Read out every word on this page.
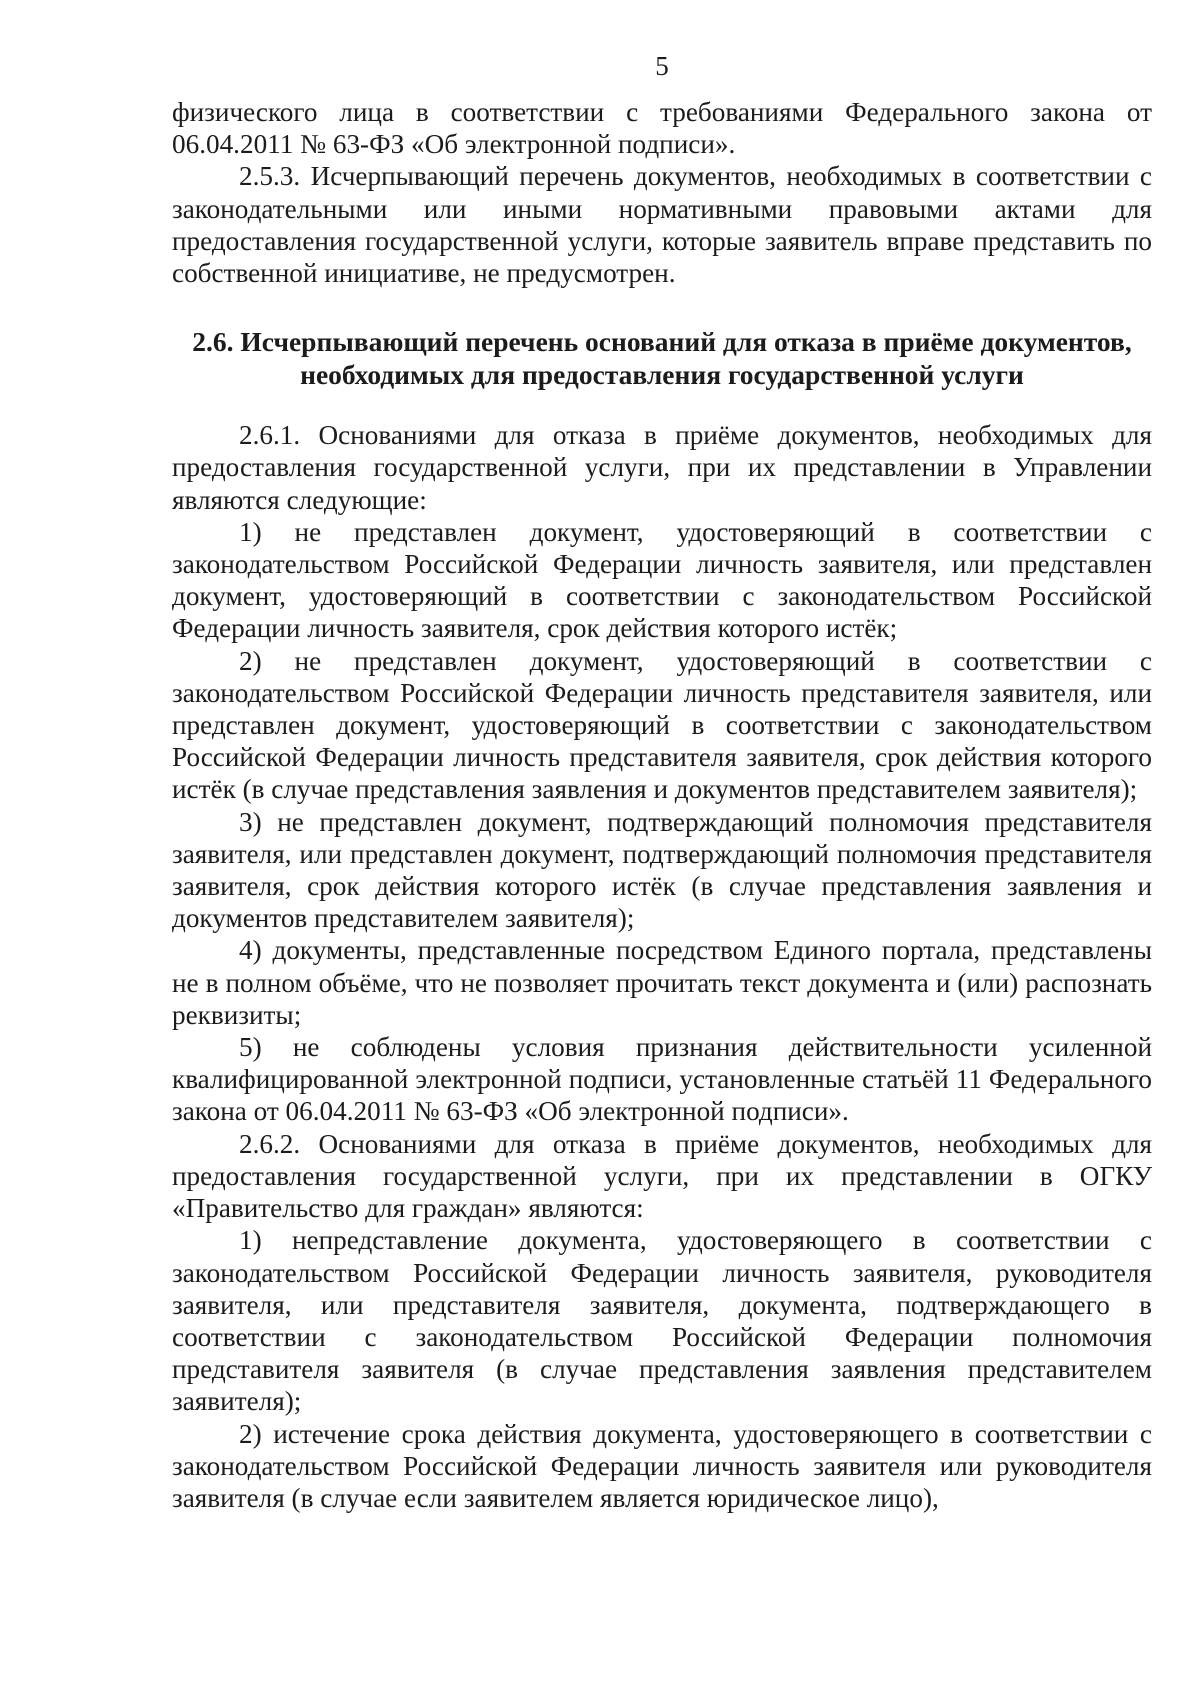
5

физического лица в соответствии с требованиями Федерального закона от 06.04.2011 № 63-ФЗ «Об электронной подписи».

2.5.3. Исчерпывающий перечень документов, необходимых в соответствии с законодательными или иными нормативными правовыми актами для предоставления государственной услуги, которые заявитель вправе представить по собственной инициативе, не предусмотрен.

2.6. Исчерпывающий перечень оснований для отказа в приёме документов, необходимых для предоставления государственной услуги

2.6.1. Основаниями для отказа в приёме документов, необходимых для предоставления государственной услуги, при их представлении в Управлении являются следующие:

1) не представлен документ, удостоверяющий в соответствии с законодательством Российской Федерации личность заявителя, или представлен документ, удостоверяющий в соответствии с законодательством Российской Федерации личность заявителя, срок действия которого истёк;

2) не представлен документ, удостоверяющий в соответствии с законодательством Российской Федерации личность представителя заявителя, или представлен документ, удостоверяющий в соответствии с законодательством Российской Федерации личность представителя заявителя, срок действия которого истёк (в случае представления заявления и документов представителем заявителя);

3) не представлен документ, подтверждающий полномочия представителя заявителя, или представлен документ, подтверждающий полномочия представителя заявителя, срок действия которого истёк (в случае представления заявления и документов представителем заявителя);

4) документы, представленные посредством Единого портала, представлены не в полном объёме, что не позволяет прочитать текст документа и (или) распознать реквизиты;

5) не соблюдены условия признания действительности усиленной квалифицированной электронной подписи, установленные статьёй 11 Федерального закона от 06.04.2011 № 63-ФЗ «Об электронной подписи».

2.6.2. Основаниями для отказа в приёме документов, необходимых для предоставления государственной услуги, при их представлении в ОГКУ «Правительство для граждан» являются:

1) непредставление документа, удостоверяющего в соответствии с законодательством Российской Федерации личность заявителя, руководителя заявителя, или представителя заявителя, документа, подтверждающего в соответствии с законодательством Российской Федерации полномочия представителя заявителя (в случае представления заявления представителем заявителя);

2) истечение срока действия документа, удостоверяющего в соответствии с законодательством Российской Федерации личность заявителя или руководителя заявителя (в случае если заявителем является юридическое лицо),
